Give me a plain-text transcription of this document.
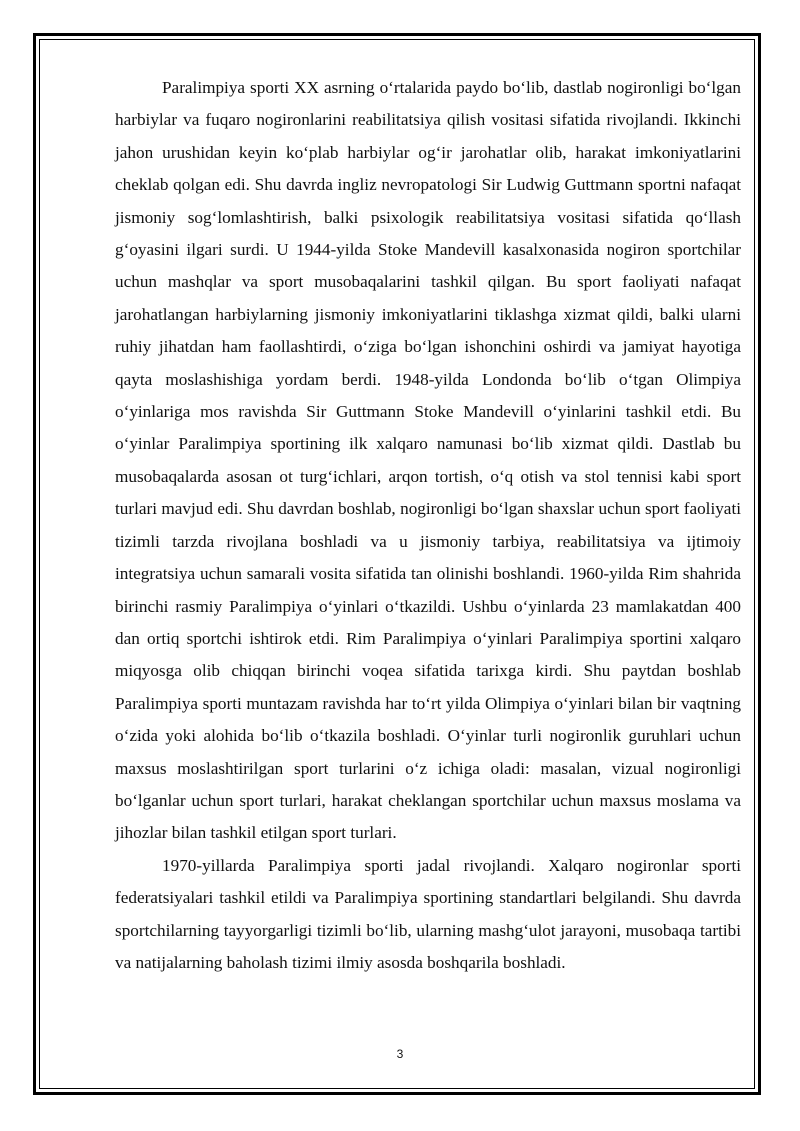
Paralimpiya sporti XX asrning o‘rtalarida paydo bo‘lib, dastlab nogironligi bo‘lgan harbiylar va fuqaro nogironlarini reabilitatsiya qilish vositasi sifatida rivojlandi. Ikkinchi jahon urushidan keyin ko‘plab harbiylar og‘ir jarohatlar olib, harakat imkoniyatlarini cheklab qolgan edi. Shu davrda ingliz nevropatologi Sir Ludwig Guttmann sportni nafaqat jismoniy sog‘lomlashtirish, balki psixologik reabilitatsiya vositasi sifatida qo‘llash g‘oyasini ilgari surdi. U 1944-yilda Stoke Mandevill kasalxonasida nogiron sportchilar uchun mashqlar va sport musobaqalarini tashkil qilgan. Bu sport faoliyati nafaqat jarohatlangan harbiylarning jismoniy imkoniyatlarini tiklashga xizmat qildi, balki ularni ruhiy jihatdan ham faollashtirdi, o‘ziga bo‘lgan ishonchini oshirdi va jamiyat hayotiga qayta moslashishiga yordam berdi. 1948-yilda Londonda bo‘lib o‘tgan Olimpiya o‘yinlariga mos ravishda Sir Guttmann Stoke Mandevill o‘yinlarini tashkil etdi. Bu o‘yinlar Paralimpiya sportining ilk xalqaro namunasi bo‘lib xizmat qildi. Dastlab bu musobaqalarda asosan ot turg‘ichlari, arqon tortish, o‘q otish va stol tennisi kabi sport turlari mavjud edi. Shu davrdan boshlab, nogironligi bo‘lgan shaxslar uchun sport faoliyati tizimli tarzda rivojlana boshladi va u jismoniy tarbiya, reabilitatsiya va ijtimoiy integratsiya uchun samarali vosita sifatida tan olinishi boshlandi. 1960-yilda Rim shahrida birinchi rasmiy Paralimpiya o‘yinlari o‘tkazildi. Ushbu o‘yinlarda 23 mamlakatdan 400 dan ortiq sportchi ishtirok etdi. Rim Paralimpiya o‘yinlari Paralimpiya sportini xalqaro miqyosga olib chiqqan birinchi voqea sifatida tarixga kirdi. Shu paytdan boshlab Paralimpiya sporti muntazam ravishda har to‘rt yilda Olimpiya o‘yinlari bilan bir vaqtning o‘zida yoki alohida bo‘lib o‘tkazila boshladi. O‘yinlar turli nogironlik guruhlari uchun maxsus moslashtirilgan sport turlarini o‘z ichiga oladi: masalan, vizual nogironligi bo‘lganlar uchun sport turlari, harakat cheklangan sportchilar uchun maxsus moslama va jihozlar bilan tashkil etilgan sport turlari.

1970-yillarda Paralimpiya sporti jadal rivojlandi. Xalqaro nogironlar sporti federatsiyalari tashkil etildi va Paralimpiya sportining standartlari belgilandi. Shu davrda sportchilarning tayyorgarligi tizimli bo‘lib, ularning mashg‘ulot jarayoni, musobaqa tartibi va natijalarning baholash tizimi ilmiy asosda boshqarila boshladi.

3
